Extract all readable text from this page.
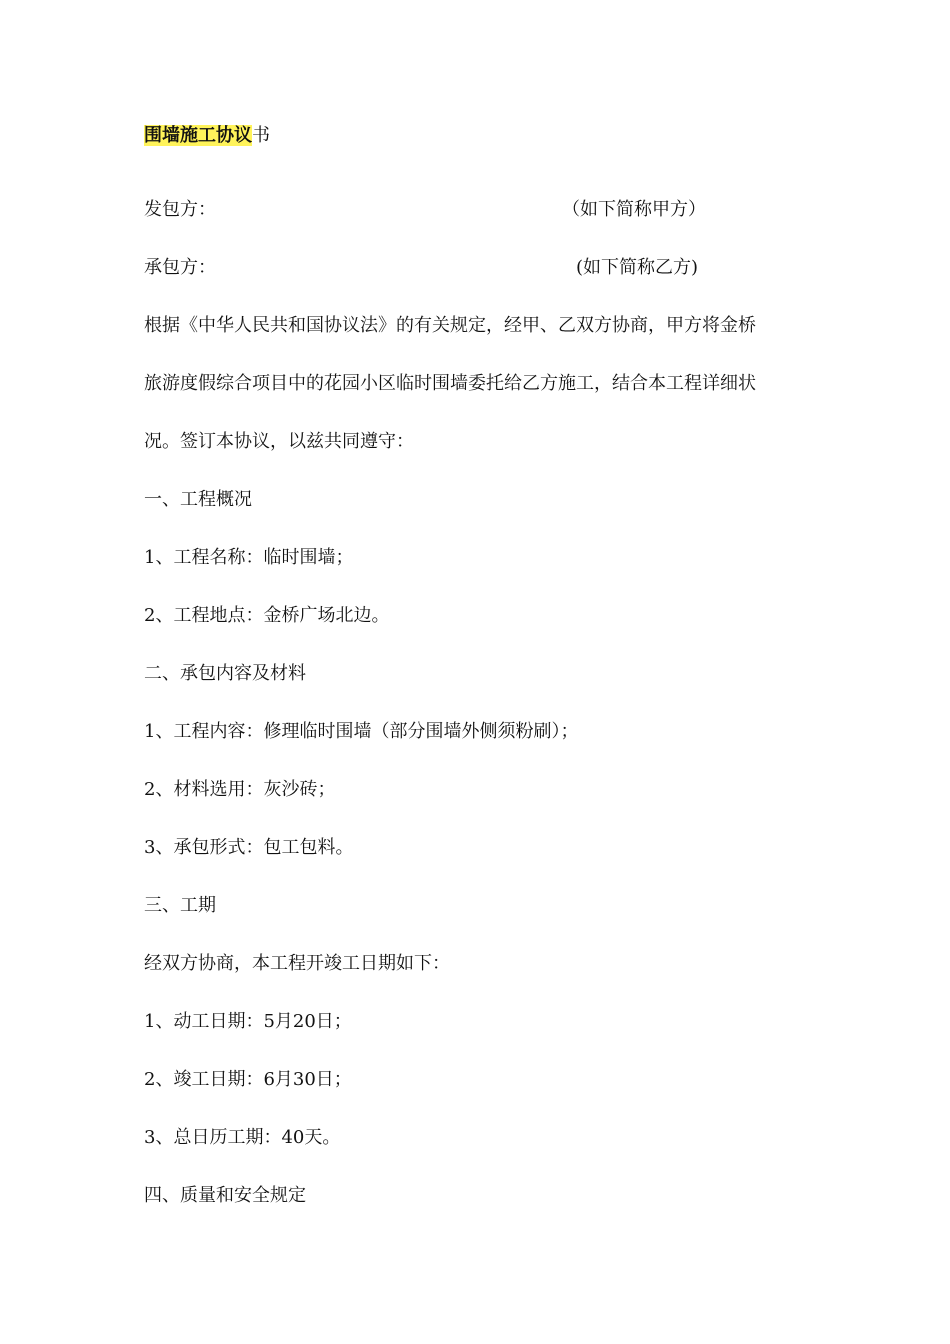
围墙施工协议书
发包方：	（如下简称甲方）
承包方：	(如下简称乙方)
根据《中华人民共和国协议法》的有关规定，经甲、乙双方协商，甲方将金桥
旅游度假综合项目中的花园小区临时围墙委托给乙方施工，结合本工程详细状
况。签订本协议，以兹共同遵守：
一、工程概况
1、工程名称：临时围墙；
2、工程地点：金桥广场北边。
二、承包内容及材料
1、工程内容：修理临时围墙（部分围墙外侧须粉刷）；
2、材料选用：灰沙砖；
3、承包形式：包工包料。
三、工期
经双方协商，本工程开竣工日期如下：
1、动工日期：5月20日；
2、竣工日期：6月30日；
3、总日历工期：40天。
四、质量和安全规定
